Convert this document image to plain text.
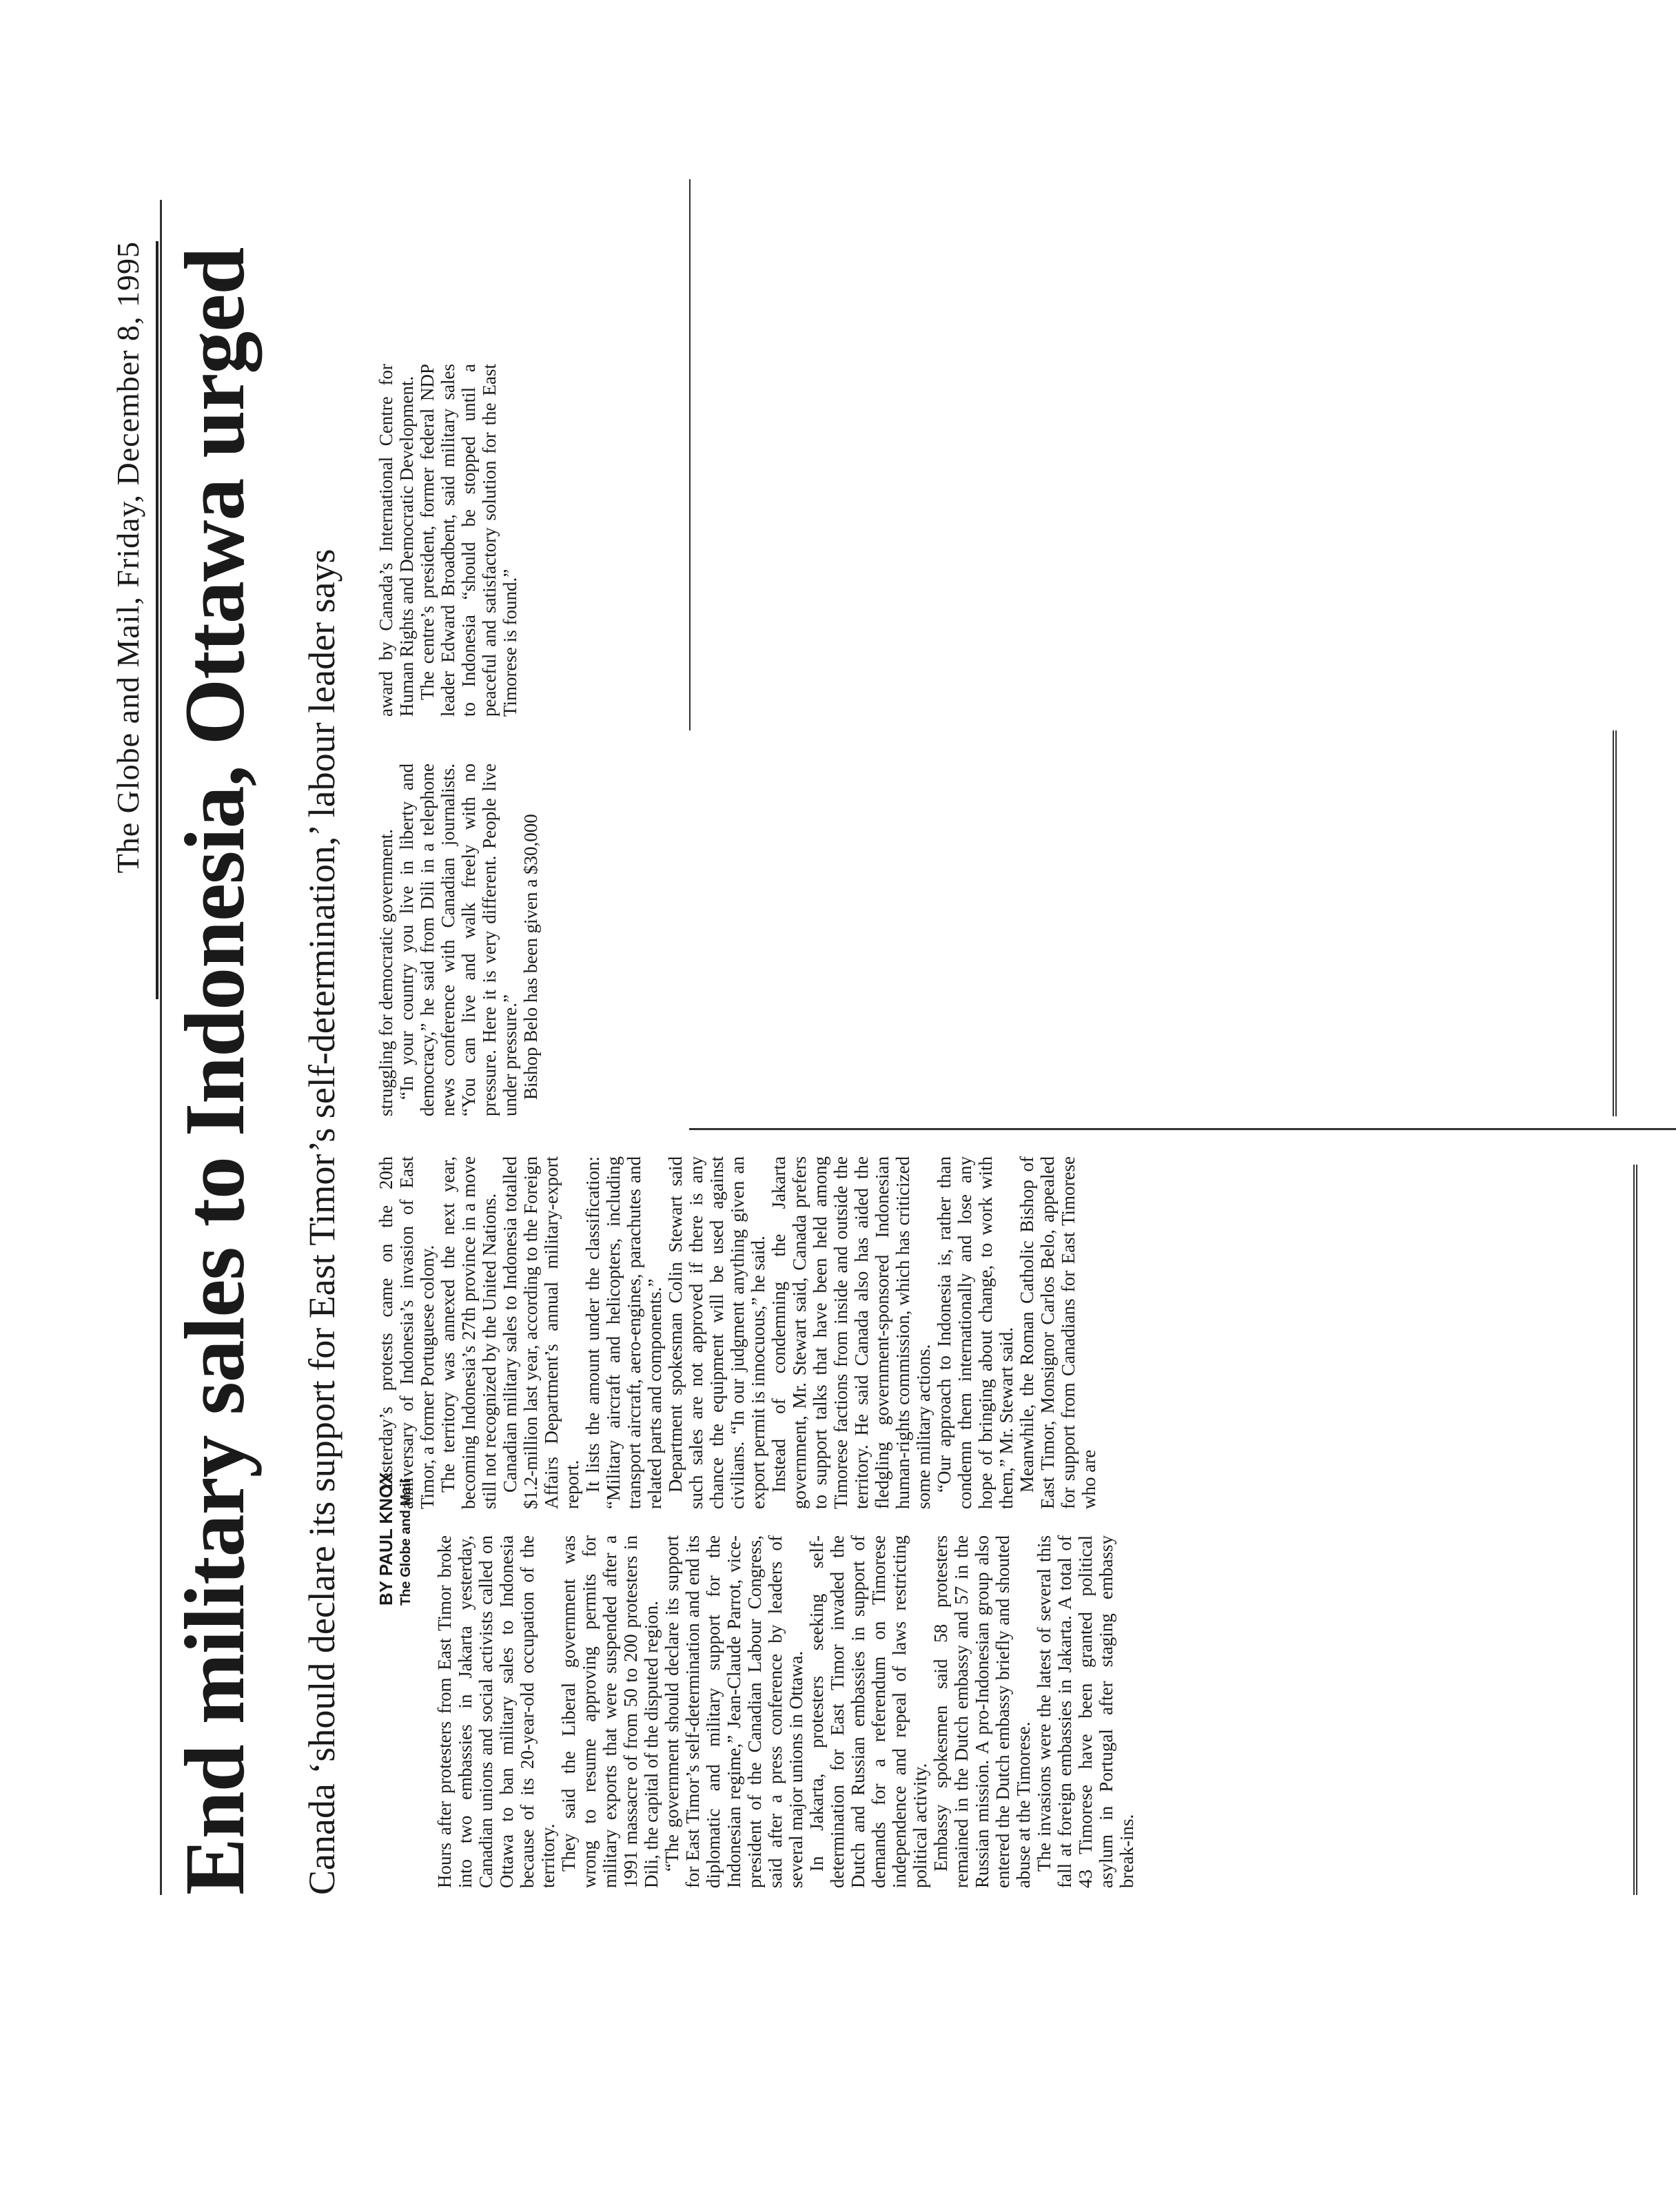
The Globe and Mail, Friday, December 8, 1995 End military sales to Indonesia, Ottawa urged	Canada ‘should declare its support for East Timor’s self-determination,’ labour leader says	BY PAUL KNOX The Globe and Mail Hours after protesters from East Timor broke into two embassies in Jakarta yesterday, Canadian unions and social activists called on Ottawa to ban military sales to Indonesia because of its 20-year-old occupation of the territory. They said the Liberal government was wrong to resume approving permits for military exports that were suspended after a 1991 massacre of from 50 to 200 protesters in Dili, the capital of the disputed region. “The government should declare its support for East Timor’s self-determination and end its diplomatic and military support for the Indonesian regime,” Jean-Claude Parrot, vice-president of the Canadian Labour Congress, said after a press conference by leaders of several major unions in Ottawa. In Jakarta, protesters seeking self-determination for East Timor invaded the Dutch and Russian embassies in support of demands for a referendum on Timorese independence and repeal of laws restricting political activity. Embassy spokesmen said 58 protesters remained in the Dutch embassy and 57 in the Russian mission. A pro-Indonesian group also entered the Dutch embassy briefly and shouted abuse at the Timorese. The invasions were the latest of several this fall at foreign embassies in Jakarta. A total of 43 Timorese have been granted political asylum in Portugal after staging embassy break-ins.

Yesterday’s protests came on the 20th anniversary of Indonesia’s invasion of East Timor, a former Portuguese colony. The territory was annexed the next year, becoming Indonesia’s 27th province in a move still not recognized by the United Nations. Canadian military sales to Indonesia totalled $1.2-million last year, according to the Foreign Affairs Department’s annual military-export report. It lists the amount under the classification: “Military aircraft and helicopters, including transport aircraft, aero-engines, parachutes and related parts and components.” Department spokesman Colin Stewart said such sales are not approved if there is any chance the equipment will be used against civilians. “In our judgment anything given an export permit is innocuous,” he said. Instead of condemning the Jakarta government, Mr. Stewart said, Canada prefers to support talks that have been held among Timorese factions from inside and outside the territory. He said Canada also has aided the fledgling government-sponsored Indonesian human-rights commission, which has criticized some military actions. “Our approach to Indonesia is, rather than condemn them internationally and lose any hope of bringing about change, to work with them,” Mr. Stewart said. Meanwhile, the Roman Catholic Bishop of East Timor, Monsignor Carlos Belo, appealed for support from Canadians for East Timorese who are

struggling for democratic government. “In your country you live in liberty and democracy,” he said from Dili in a telephone news conference with Canadian journalists. “You can live and walk freely with no pressure. Here it is very different. People live under pressure.” Bishop Belo has been given a $30,000

award by Canada’s International Centre for Human Rights and Democratic Development. The centre’s president, former federal NDP leader Edward Broadbent, said military sales to Indonesia “should be stopped until a peaceful and satisfactory solution for the East Timorese is found.”
